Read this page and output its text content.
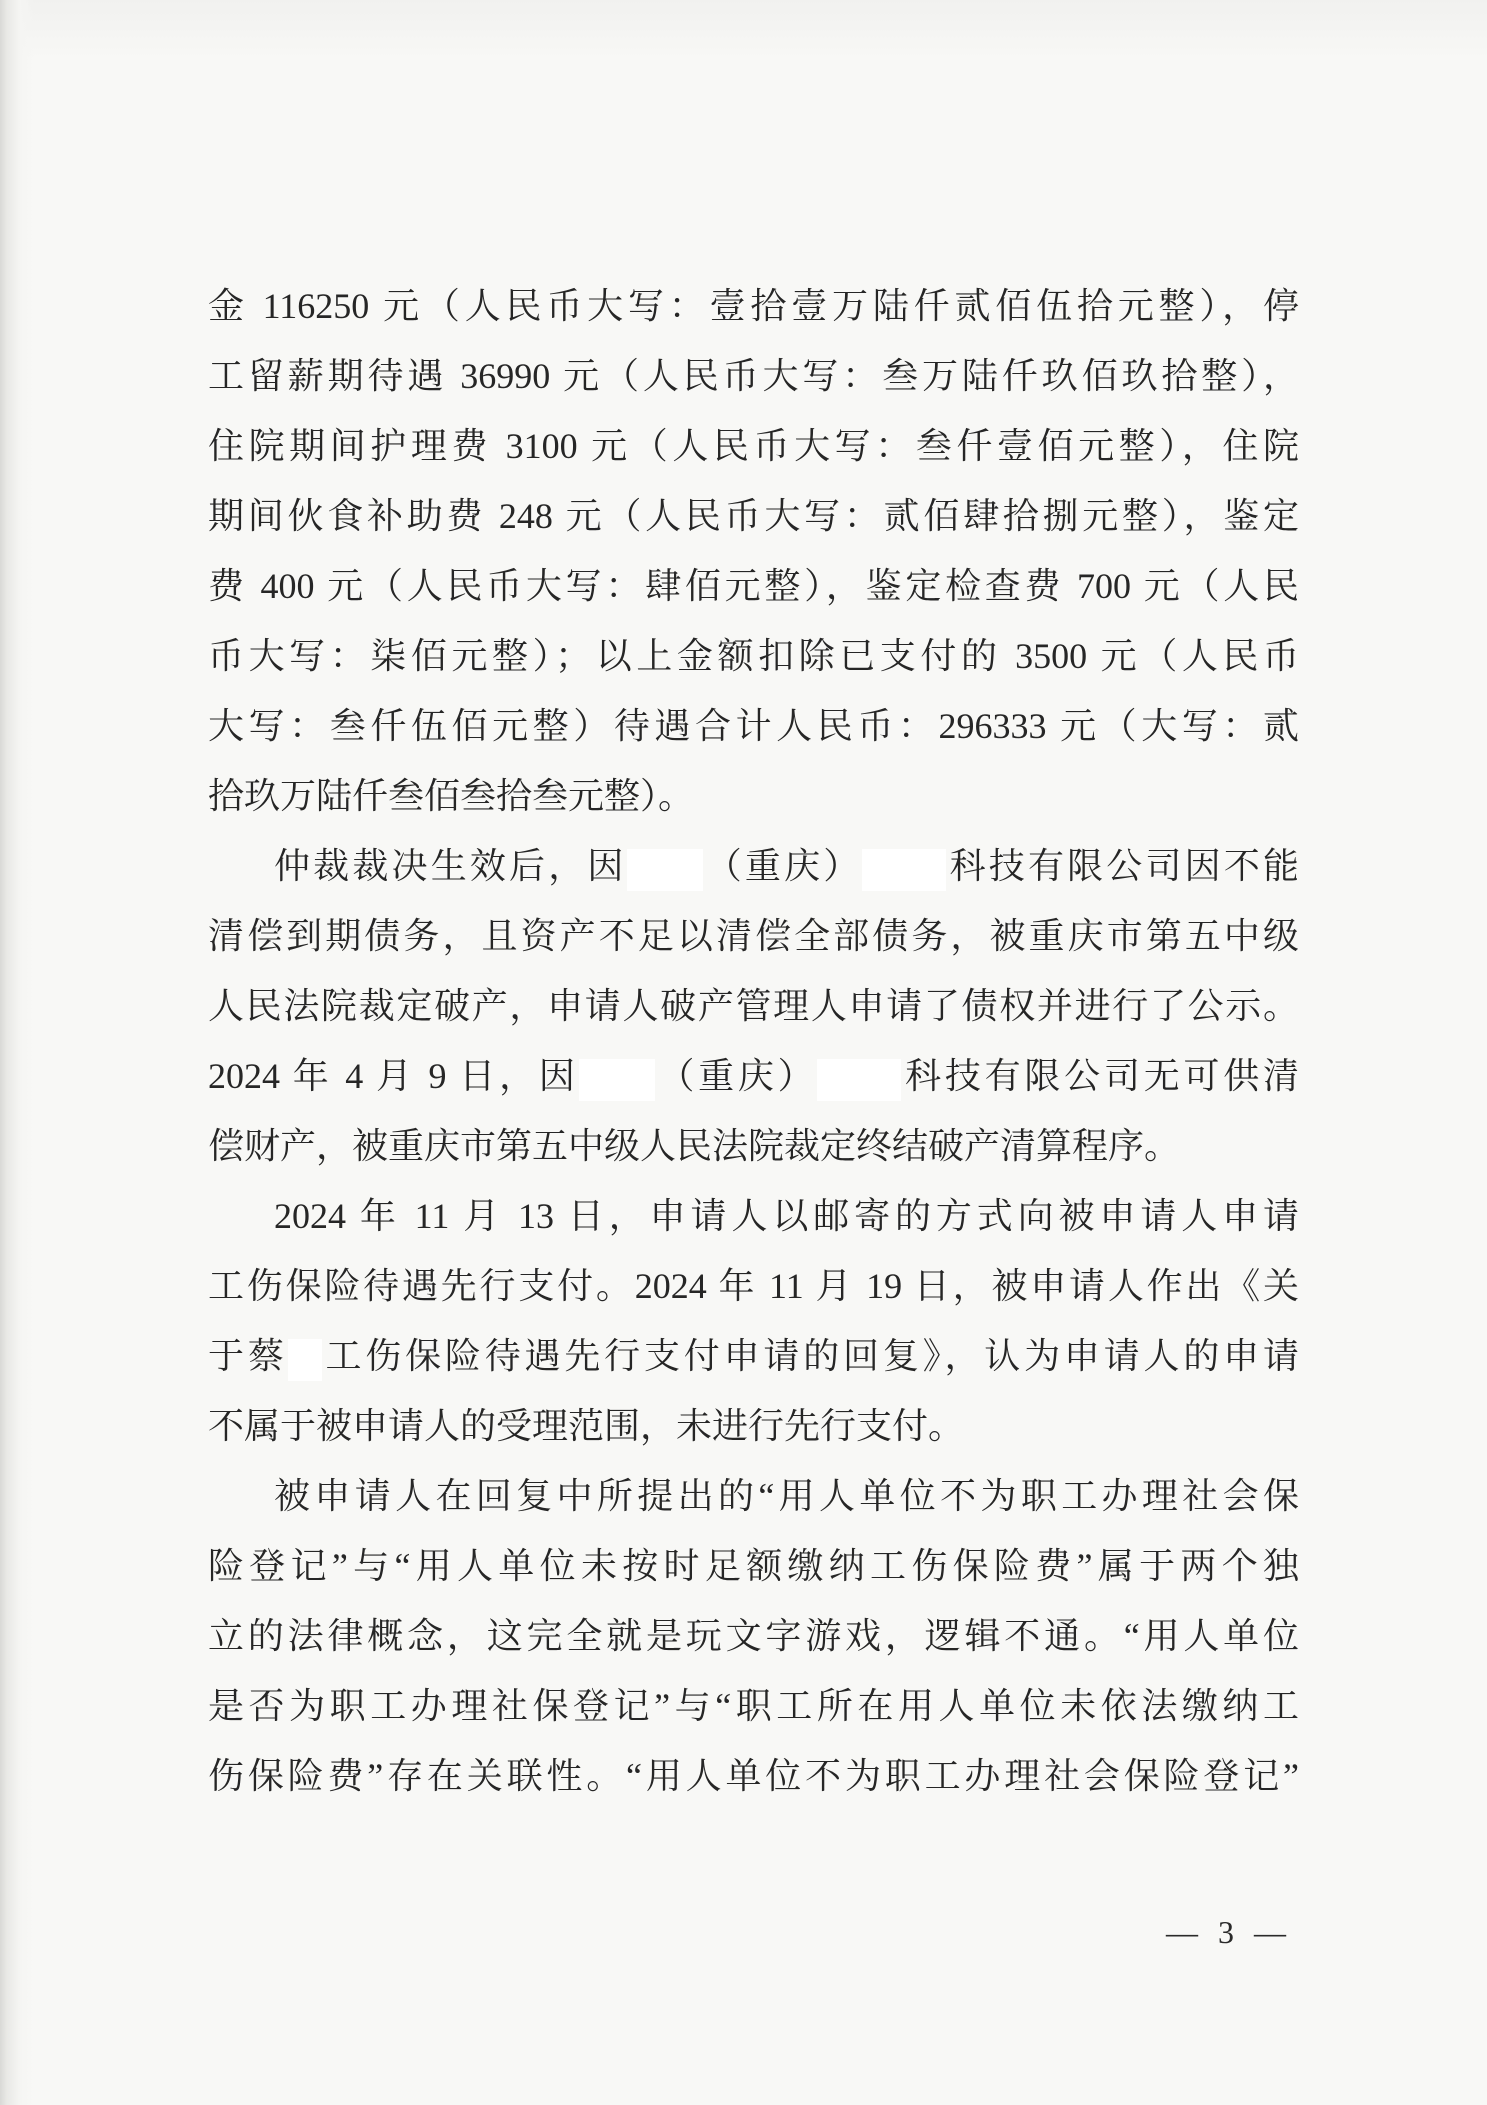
金 116250 元（人民币大写：壹拾壹万陆仟贰佰伍拾元整），停
工留薪期待遇 36990 元（人民币大写：叁万陆仟玖佰玖拾整），
住院期间护理费 3100 元（人民币大写：叁仟壹佰元整），住院
期间伙食补助费 248 元（人民币大写：贰佰肆拾捌元整），鉴定
费 400 元（人民币大写：肆佰元整），鉴定检查费 700 元（人民
币大写：柒佰元整）；以上金额扣除已支付的 3500 元（人民币
大写：叁仟伍佰元整）待遇合计人民币：296333 元（大写：贰
拾玖万陆仟叁佰叁拾叁元整）。
仲裁裁决生效后，因 （重庆） 科技有限公司因不能
清偿到期债务，且资产不足以清偿全部债务，被重庆市第五中级
人民法院裁定破产，申请人破产管理人申请了债权并进行了公示。
2024 年 4 月 9 日，因 （重庆） 科技有限公司无可供清
偿财产，被重庆市第五中级人民法院裁定终结破产清算程序。
2024 年 11 月 13 日，申请人以邮寄的方式向被申请人申请
工伤保险待遇先行支付。2024 年 11 月 19 日，被申请人作出《关
于蔡 工伤保险待遇先行支付申请的回复》，认为申请人的申请
不属于被申请人的受理范围，未进行先行支付。
被申请人在回复中所提出的“用人单位不为职工办理社会保
险登记”与“用人单位未按时足额缴纳工伤保险费”属于两个独
立的法律概念，这完全就是玩文字游戏，逻辑不通。“用人单位
是否为职工办理社保登记”与“职工所在用人单位未依法缴纳工
伤保险费”存在关联性。“用人单位不为职工办理社会保险登记”
— 3 —
